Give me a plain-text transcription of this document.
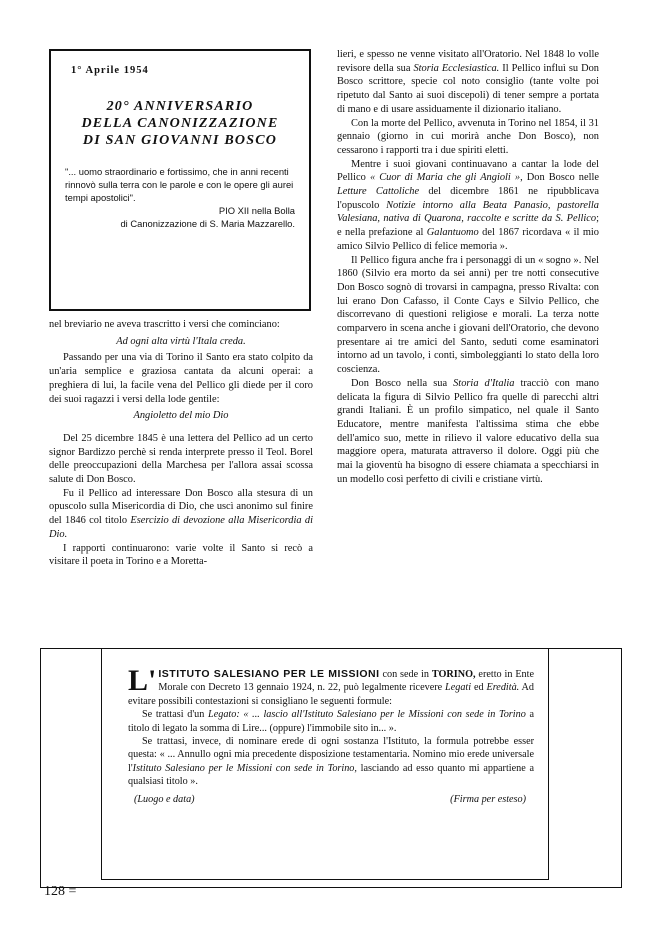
1° Aprile 1954
20° ANNIVERSARIO
DELLA CANONIZZAZIONE
DI SAN GIOVANNI BOSCO
"... uomo straordinario e fortissimo, che in anni recenti rinnovò sulla terra con le parole e con le opere gli aurei tempi apostolici".
PIO XII nella Bolla
di Canonizzazione di S. Maria Mazzarello.

nel breviario ne aveva trascritto i versi che cominciano:

Ad ogni alta virtù l'Itala creda.

Passando per una via di Torino il Santo era stato colpito da un'aria semplice e graziosa cantata da alcuni operai: a preghiera di lui, la facile vena del Pellico gli diede per il coro dei suoi ragazzi i versi della lode gentile:

Angioletto del mio Dio

Del 25 dicembre 1845 è una lettera del Pellico ad un certo signor Bardizzo perchè si renda interprete presso il Teol. Borel delle preoccupazioni della Marchesa per l'allora assai scossa salute di Don Bosco.

Fu il Pellico ad interessare Don Bosco alla stesura di un opuscolo sulla Misericordia di Dio, che uscì anonimo sul finire del 1846 col titolo Esercizio di devozione alla Misericordia di Dio.

I rapporti continuarono: varie volte il Santo si recò a visitare il poeta in Torino e a Moretta-

lieri, e spesso ne venne visitato all'Oratorio. Nel 1848 lo volle revisore della sua Storia Ecclesiastica. Il Pellico influì su Don Bosco scrittore, specie col noto consiglio (tante volte poi ripetuto dal Santo ai suoi discepoli) di tener sempre a portata di mano e di usare assiduamente il dizionario italiano.

Con la morte del Pellico, avvenuta in Torino nel 1854, il 31 gennaio (giorno in cui morirà anche Don Bosco), non cessarono i rapporti tra i due spiriti eletti.

Mentre i suoi giovani continuavano a cantar la lode del Pellico « Cuor di Maria che gli Angioli », Don Bosco nelle Letture Cattoliche del dicembre 1861 ne ripubblicava l'opuscolo Notizie intorno alla Beata Panasio, pastorella Valesiana, nativa di Quarona, raccolte e scritte da S. Pellico; e nella prefazione al Galantuomo del 1867 ricordava « il mio amico Silvio Pellico di felice memoria ».

Il Pellico figura anche fra i personaggi di un « sogno ». Nel 1860 (Silvio era morto da sei anni) per tre notti consecutive Don Bosco sognò di trovarsi in campagna, presso Rivalta: con lui erano Don Cafasso, il Conte Cays e Silvio Pellico, che discorrevano di questioni religiose e morali. La terza notte comparvero in scena anche i giovani dell'Oratorio, che devono presentare ai tre amici del Santo, seduti come esaminatori intorno ad un tavolo, i conti, simboleggianti lo stato della loro coscienza.

Don Bosco nella sua Storia d'Italia tracciò con mano delicata la figura di Silvio Pellico fra quelle di parecchi altri grandi Italiani. È un profilo simpatico, nel quale il Santo Educatore, mentre manifesta l'altissima stima che ebbe dell'amico suo, mette in rilievo il valore educativo della sua maggiore opera, maturata attraverso il dolore. Oggi più che mai la gioventù ha bisogno di essere chiamata a specchiarsi in un modello così perfetto di civili e cristiane virtù.

L' ISTITUTO SALESIANO PER LE MISSIONI con sede in TORINO, eretto in Ente Morale con Decreto 13 gennaio 1924, n. 22, può legalmente ricevere Legati ed Eredità. Ad evitare possibili contestazioni si consigliano le seguenti formule:

Se trattasi d'un Legato: « ... lascio all'Istituto Salesiano per le Missioni con sede in Torino a titolo di legato la somma di Lire... (oppure) l'immobile sito in... ».

Se trattasi, invece, di nominare erede di ogni sostanza l'Istituto, la formula potrebbe esser questa: « ... Annullo ogni mia precedente disposizione testamentaria. Nomino mio erede universale l'Istituto Salesiano per le Missioni con sede in Torino, lasciando ad esso quanto mi appartiene a qualsiasi titolo ».

(Luogo e data)	(Firma per esteso)
128 =
